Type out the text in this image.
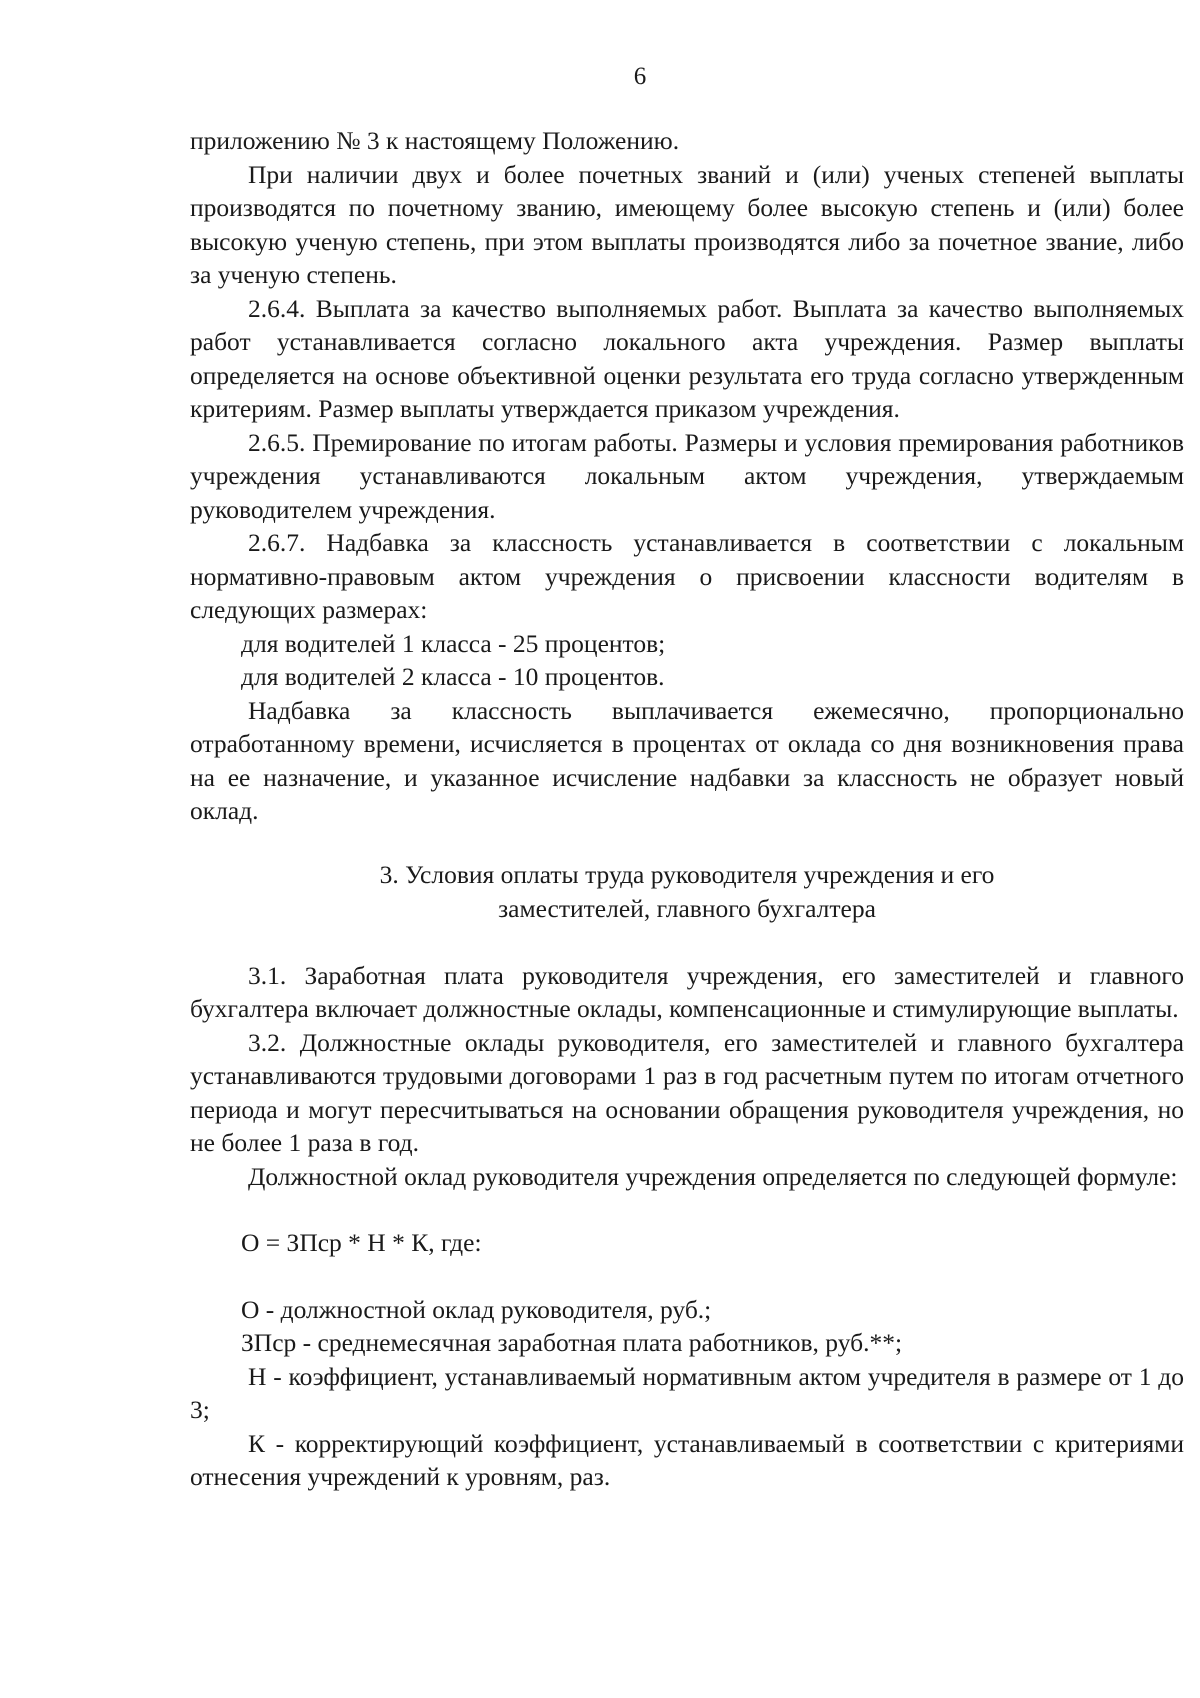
6

приложению № 3 к настоящему Положению.

При наличии двух и более почетных званий и (или) ученых степеней выплаты производятся по почетному званию, имеющему более высокую степень и (или) более высокую ученую степень, при этом выплаты производятся либо за почетное звание, либо за ученую степень.

2.6.4. Выплата за качество выполняемых работ. Выплата за качество выполняемых работ устанавливается согласно локального акта учреждения. Размер выплаты определяется на основе объективной оценки результата его труда согласно утвержденным критериям. Размер выплаты утверждается приказом учреждения.

2.6.5. Премирование по итогам работы. Размеры и условия премирования работников учреждения устанавливаются локальным актом учреждения, утверждаемым руководителем учреждения.

2.6.7. Надбавка за классность устанавливается в соответствии с локальным нормативно-правовым актом учреждения о присвоении классности водителям в следующих размерах:

для водителей 1 класса - 25 процентов;

для водителей 2 класса - 10 процентов.

Надбавка за классность выплачивается ежемесячно, пропорционально отработанному времени, исчисляется в процентах от оклада со дня возникновения права на ее назначение, и указанное исчисление надбавки за классность не образует новый оклад.

3. Условия оплаты труда руководителя учреждения и его
заместителей, главного бухгалтера

3.1. Заработная плата руководителя учреждения, его заместителей и главного бухгалтера включает должностные оклады, компенсационные и стимулирующие выплаты.

3.2. Должностные оклады руководителя, его заместителей и главного бухгалтера устанавливаются трудовыми договорами 1 раз в год расчетным путем по итогам отчетного периода и могут пересчитываться на основании обращения руководителя учреждения, но не более 1 раза в год.

Должностной оклад руководителя учреждения определяется по следующей формуле:

О = ЗПср * Н * К, где:

О - должностной оклад руководителя, руб.;

ЗПср - среднемесячная заработная плата работников, руб.**;

Н - коэффициент, устанавливаемый нормативным актом учредителя в размере от 1 до 3;

К - корректирующий коэффициент, устанавливаемый в соответствии с критериями отнесения учреждений к уровням, раз.
